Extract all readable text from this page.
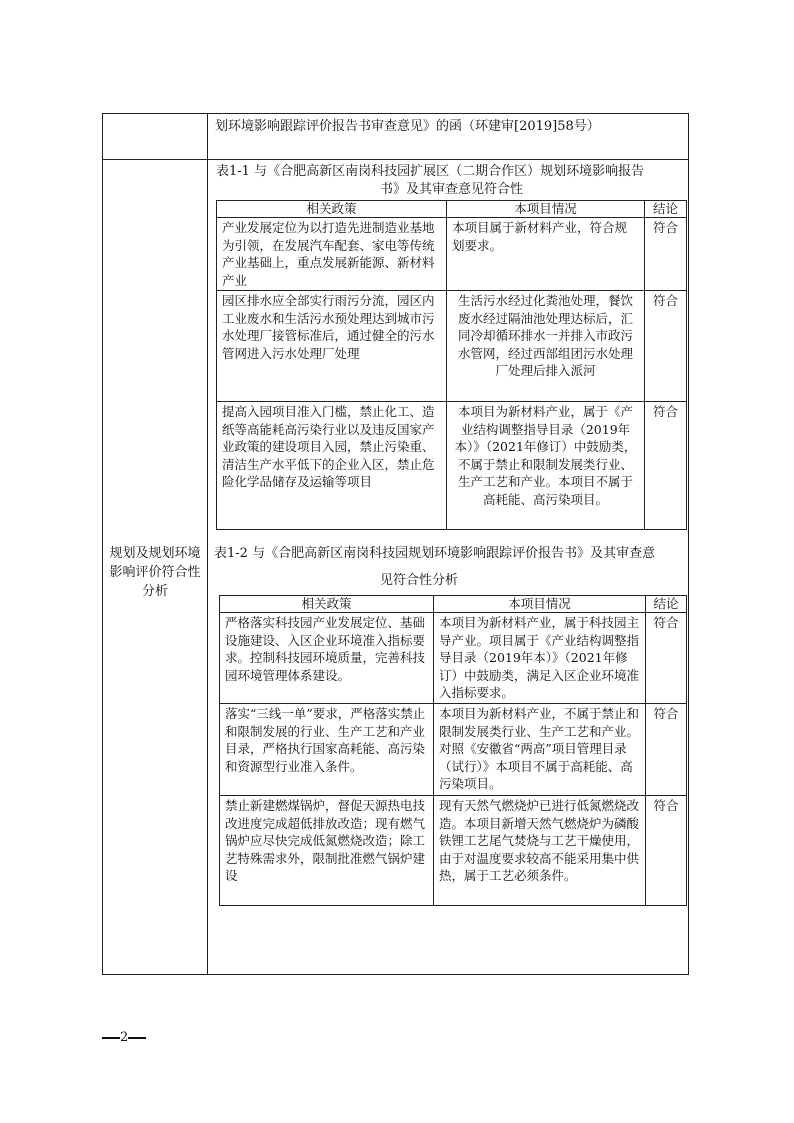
划环境影响跟踪评价报告书审查意见》的函（环建审[2019]58号）
规划及规划环境影响评价符合性分析
表1-1 与《合肥高新区南岗科技园扩展区（二期合作区）规划环境影响报告
书》及其审查意见符合性
相关政策	本项目情况	结论
产业发展定位为以打造先进制造业基地为引领，在发展汽车配套、家电等传统产业基础上，重点发展新能源、新材料产业	本项目属于新材料产业，符合规划要求。	符合
园区排水应全部实行雨污分流，园区内工业废水和生活污水预处理达到城市污水处理厂接管标准后，通过健全的污水管网进入污水处理厂处理	生活污水经过化粪池处理，餐饮废水经过隔油池处理达标后，汇同冷却循环排水一并排入市政污水管网，经过西部组团污水处理厂处理后排入派河	符合
提高入园项目准入门槛，禁止化工、造纸等高能耗高污染行业以及违反国家产业政策的建设项目入园，禁止污染重、清洁生产水平低下的企业入区，禁止危险化学品储存及运输等项目	本项目为新材料产业，属于《产业结构调整指导目录（2019年本）》（2021年修订）中鼓励类，不属于禁止和限制发展类行业、生产工艺和产业。本项目不属于高耗能、高污染项目。	符合
表1-2 与《合肥高新区南岗科技园规划环境影响跟踪评价报告书》及其审查意
见符合性分析
相关政策	本项目情况	结论
严格落实科技园产业发展定位、基础设施建设、入区企业环境准入指标要求。控制科技园环境质量，完善科技园环境管理体系建设。	本项目为新材料产业，属于科技园主导产业。项目属于《产业结构调整指导目录（2019年本）》（2021年修订）中鼓励类，满足入区企业环境准入指标要求。	符合
落实“三线一单”要求，严格落实禁止和限制发展的行业、生产工艺和产业目录，严格执行国家高耗能、高污染和资源型行业准入条件。	本项目为新材料产业，不属于禁止和限制发展类行业、生产工艺和产业。对照《安徽省“两高”项目管理目录（试行）》本项目不属于高耗能、高污染项目。	符合
禁止新建燃煤锅炉，督促天源热电技改进度完成超低排放改造；现有燃气锅炉应尽快完成低氮燃烧改造；除工艺特殊需求外，限制批准燃气锅炉建设	现有天然气燃烧炉已进行低氮燃烧改造。本项目新增天然气燃烧炉为磷酸铁锂工艺尾气焚烧与工艺干燥使用，由于对温度要求较高不能采用集中供热，属于工艺必须条件。	符合
2
